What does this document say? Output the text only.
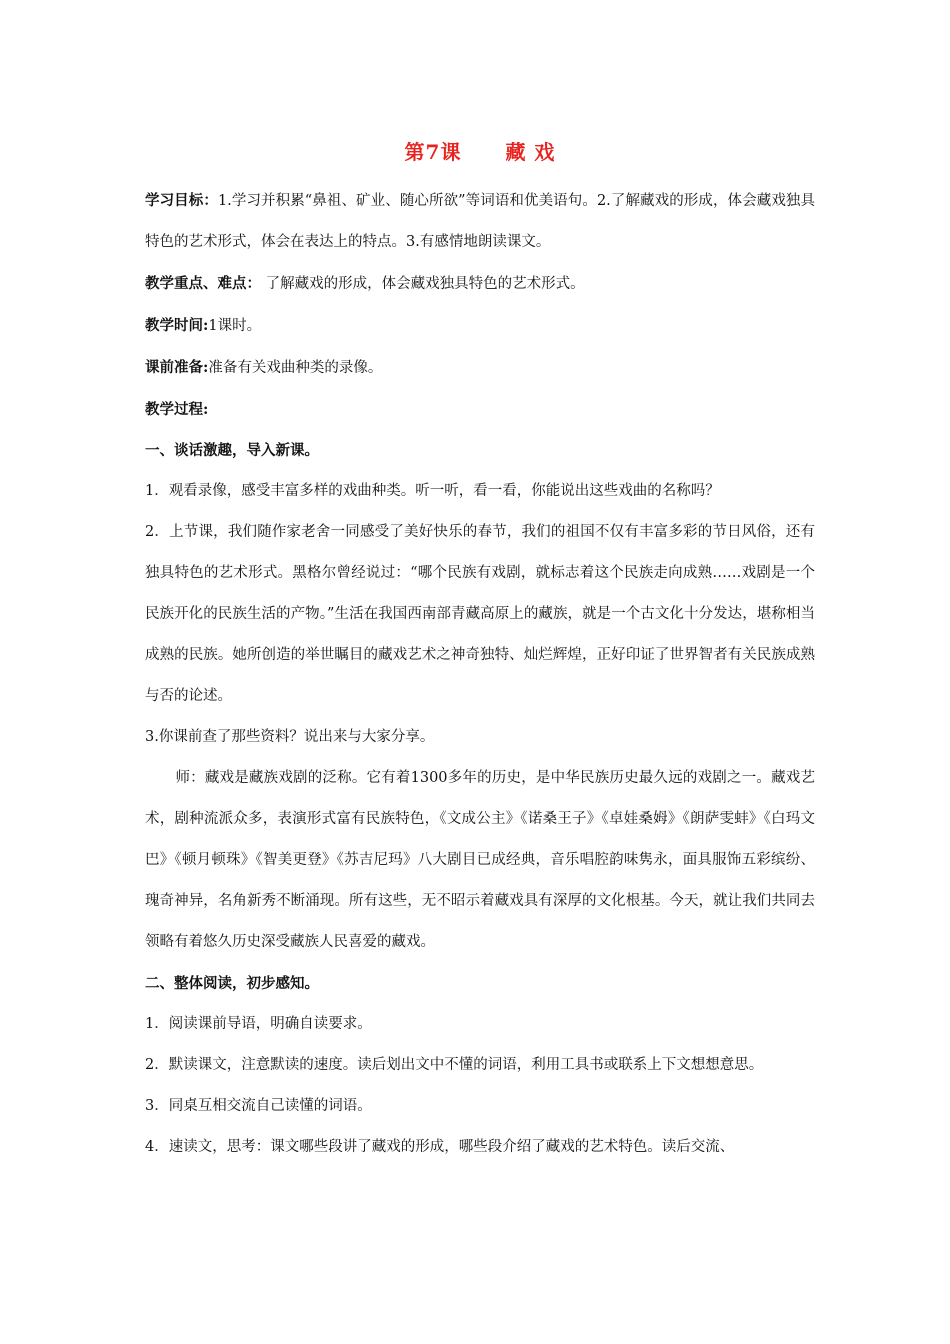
第7课 藏 戏

学习目标：1.学习并积累“鼻祖、矿业、随心所欲”等词语和优美语句。2.了解藏戏的形成，体会藏戏独具特色的艺术形式，体会在表达上的特点。3.有感情地朗读课文。

教学重点、难点： 了解藏戏的形成，体会藏戏独具特色的艺术形式。

教学时间:1课时。

课前准备:准备有关戏曲种类的录像。

教学过程:

一、谈话激趣，导入新课。

1．观看录像，感受丰富多样的戏曲种类。听一听，看一看，你能说出这些戏曲的名称吗？

2．上节课，我们随作家老舍一同感受了美好快乐的春节，我们的祖国不仅有丰富多彩的节日风俗，还有独具特色的艺术形式。黑格尔曾经说过：“哪个民族有戏剧，就标志着这个民族走向成熟……戏剧是一个民族开化的民族生活的产物。”生活在我国西南部青藏高原上的藏族，就是一个古文化十分发达，堪称相当成熟的民族。她所创造的举世瞩目的藏戏艺术之神奇独特、灿烂辉煌，正好印证了世界智者有关民族成熟与否的论述。

3.你课前查了那些资料？说出来与大家分享。

师：藏戏是藏族戏剧的泛称。它有着1300多年的历史，是中华民族历史最久远的戏剧之一。藏戏艺术，剧种流派众多，表演形式富有民族特色，《文成公主》《诺桑王子》《卓娃桑姆》《朗萨雯蚌》《白玛文巴》《顿月顿珠》《智美更登》《苏吉尼玛》八大剧目已成经典，音乐唱腔韵味隽永，面具服饰五彩缤纷、瑰奇神异，名角新秀不断涌现。所有这些，无不昭示着藏戏具有深厚的文化根基。今天，就让我们共同去领略有着悠久历史深受藏族人民喜爱的藏戏。

二、整体阅读，初步感知。

1．阅读课前导语，明确自读要求。

2．默读课文，注意默读的速度。读后划出文中不懂的词语，利用工具书或联系上下文想想意思。

3．同桌互相交流自己读懂的词语。

4．速读文，思考：课文哪些段讲了藏戏的形成，哪些段介绍了藏戏的艺术特色。读后交流、
